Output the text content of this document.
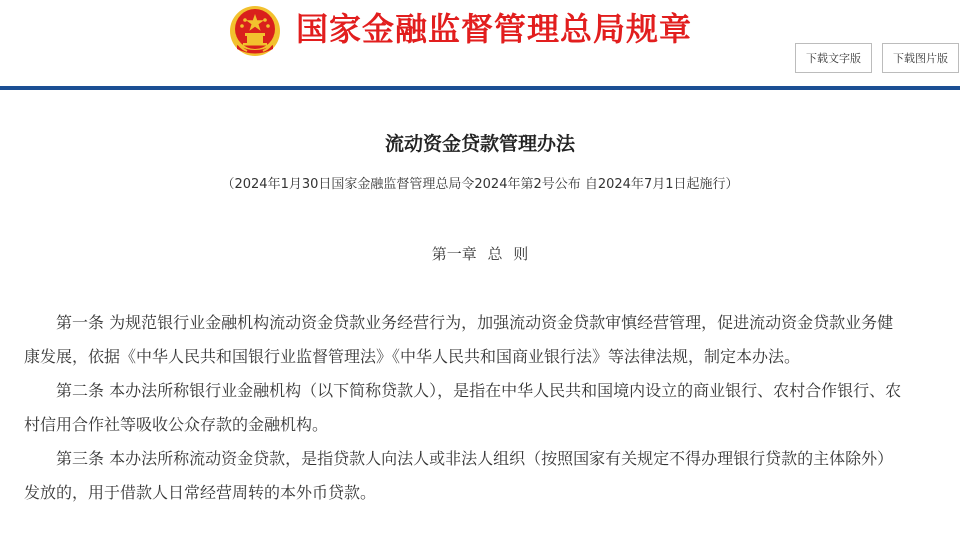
国家金融监督管理总局规章
下载文字版	下载图片版
流动资金贷款管理办法
（2024年1月30日国家金融监督管理总局令2024年第2号公布 自2024年7月1日起施行）
第一章 总 则

第一条 为规范银行业金融机构流动资金贷款业务经营行为，加强流动资金贷款审慎经营管理，促进流动资金贷款业务健康发展，依据《中华人民共和国银行业监督管理法》《中华人民共和国商业银行法》等法律法规，制定本办法。

第二条 本办法所称银行业金融机构（以下简称贷款人），是指在中华人民共和国境内设立的商业银行、农村合作银行、农村信用合作社等吸收公众存款的金融机构。

第三条 本办法所称流动资金贷款，是指贷款人向法人或非法人组织（按照国家有关规定不得办理银行贷款的主体除外）发放的，用于借款人日常经营周转的本外币贷款。
